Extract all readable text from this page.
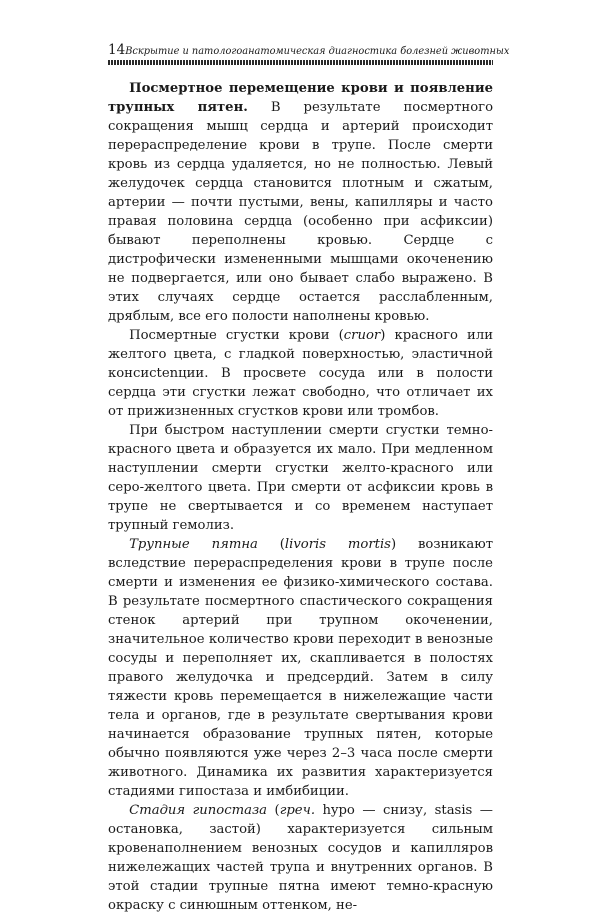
14 Вскрытие и патологоанатомическая диагностика болезней животных

Посмертное перемещение крови и появление трупных пятен. В результате посмертного сокращения мышц сердца и артерий происходит перераспределение крови в трупе. После смерти кровь из сердца удаляется, но не полностью. Левый желудочек сердца становится плотным и сжатым, артерии — почти пустыми, вены, капилляры и часто правая половина сердца (особенно при асфиксии) бывают переполнены кровью. Сердце с дистрофически измененными мышцами окоченению не подвергается, или оно бывает слабо выражено. В этих случаях сердце остается расслабленным, дряблым, все его полости наполнены кровью.

Посмертные сгустки крови (cruor) красного или желтого цвета, с гладкой поверхностью, эластичной консисtenции. В просвете сосуда или в полости сердца эти сгустки лежат свободно, что отличает их от прижизненных сгустков крови или тромбов.

При быстром наступлении смерти сгустки темно-красного цвета и образуется их мало. При медленном наступлении смерти сгустки желто-красного или серо-желтого цвета. При смерти от асфиксии кровь в трупе не свертывается и со временем наступает трупный гемолиз.

Трупные пятна (livoris mortis) возникают вследствие перераспределения крови в трупе после смерти и изменения ее физико-химического состава. В результате посмертного спастического сокращения стенок артерий при трупном окоченении, значительное количество крови переходит в венозные сосуды и переполняет их, скапливается в полостях правого желудочка и предсердий. Затем в силу тяжести кровь перемещается в нижележащие части тела и органов, где в результате свертывания крови начинается образование трупных пятен, которые обычно появляются уже через 2–3 часа после смерти животного. Динамика их развития характеризуется стадиями гипостаза и имбибиции.

Стадия гипостаза (греч. hypo — снизу, stasis — остановка, застой) характеризуется сильным кровенаполнением венозных сосудов и капилляров нижележащих частей трупа и внутренних органов. В этой стадии трупные пятна имеют темно-красную окраску с синюшным оттенком, не-
